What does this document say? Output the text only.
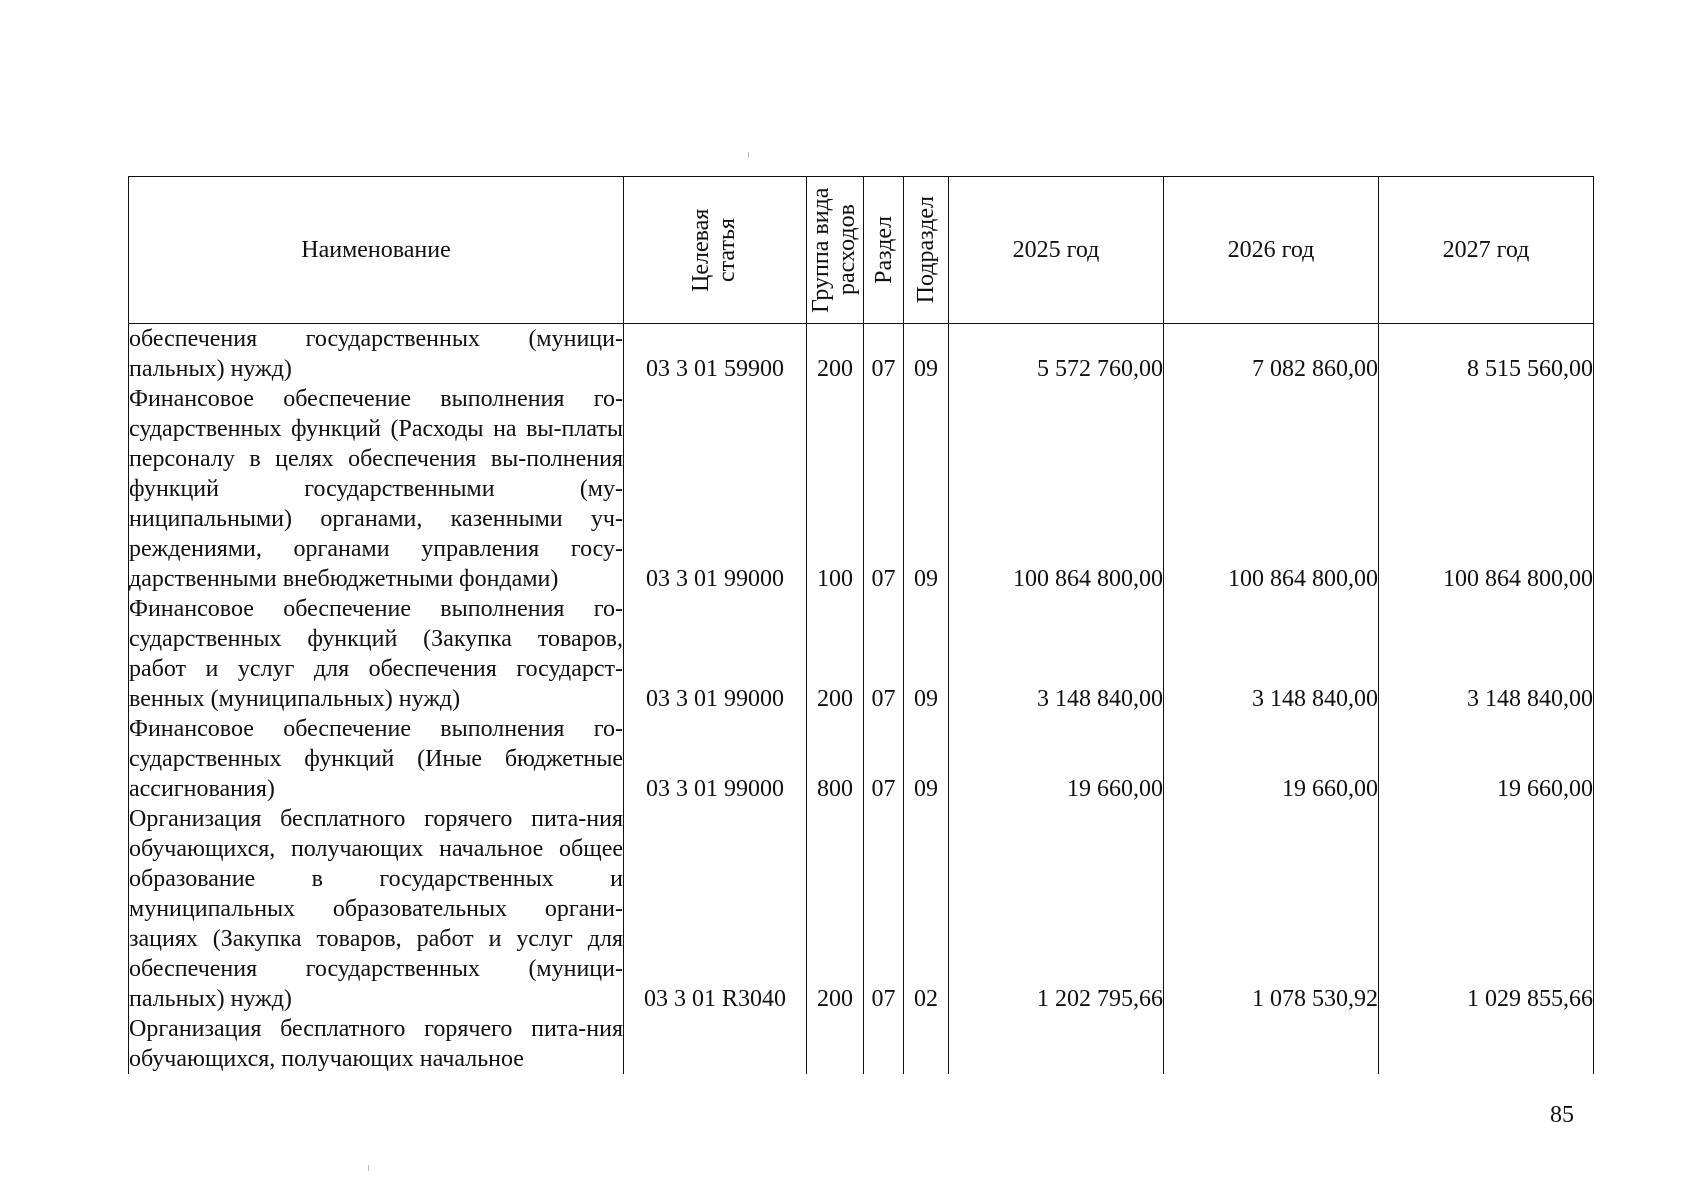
Наименование	Целевая статья	Группа вида расходов	Раздел	Подраздел	2025 год	2026 год	2027 год
обеспечения государственных (муници-пальных) нужд)	03 3 01 59900	200	07	09	5 572 760,00	7 082 860,00	8 515 560,00
Финансовое обеспечение выполнения го-сударственных функций (Расходы на вы-платы персоналу в целях обеспечения вы-полнения функций государственными (му-ниципальными) органами, казенными уч-реждениями, органами управления госу-дарственными внебюджетными фондами)	03 3 01 99000	100	07	09	100 864 800,00	100 864 800,00	100 864 800,00
Финансовое обеспечение выполнения го-сударственных функций (Закупка товаров, работ и услуг для обеспечения государст-венных (муниципальных) нужд)	03 3 01 99000	200	07	09	3 148 840,00	3 148 840,00	3 148 840,00
Финансовое обеспечение выполнения го-сударственных функций (Иные бюджетные ассигнования)	03 3 01 99000	800	07	09	19 660,00	19 660,00	19 660,00
Организация бесплатного горячего пита-ния обучающихся, получающих начальное общее образование в государственных и муниципальных образовательных органи-зациях (Закупка товаров, работ и услуг для обеспечения государственных (муници-пальных) нужд)	03 3 01 R3040	200	07	02	1 202 795,66	1 078 530,92	1 029 855,66
Организация бесплатного горячего пита-ния обучающихся, получающих начальное							
85
